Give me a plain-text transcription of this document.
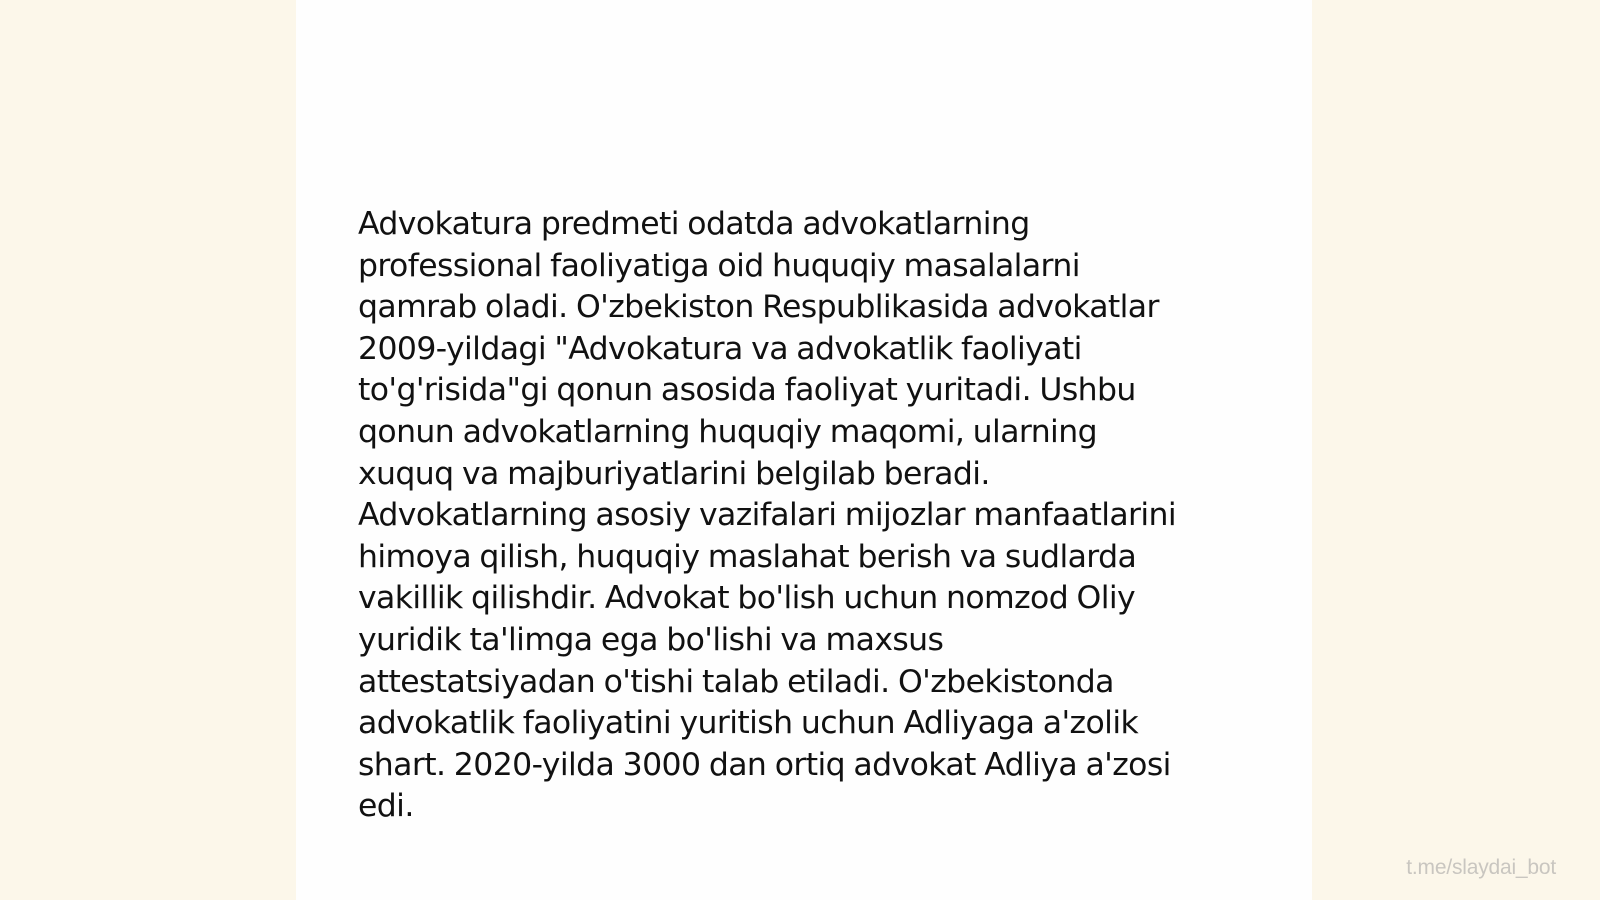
Advokatura predmeti odatda advokatlarning
professional faoliyatiga oid huquqiy masalalarni
qamrab oladi. O'zbekiston Respublikasida advokatlar
2009-yildagi "Advokatura va advokatlik faoliyati
to'g'risida"gi qonun asosida faoliyat yuritadi. Ushbu
qonun advokatlarning huquqiy maqomi, ularning
xuquq va majburiyatlarini belgilab beradi.
Advokatlarning asosiy vazifalari mijozlar manfaatlarini
himoya qilish, huquqiy maslahat berish va sudlarda
vakillik qilishdir. Advokat bo'lish uchun nomzod Oliy
yuridik ta'limga ega bo'lishi va maxsus
attestatsiyadan o'tishi talab etiladi. O'zbekistonda
advokatlik faoliyatini yuritish uchun Adliyaga a'zolik
shart. 2020-yilda 3000 dan ortiq advokat Adliya a'zosi
edi.
t.me/slaydai_bot
